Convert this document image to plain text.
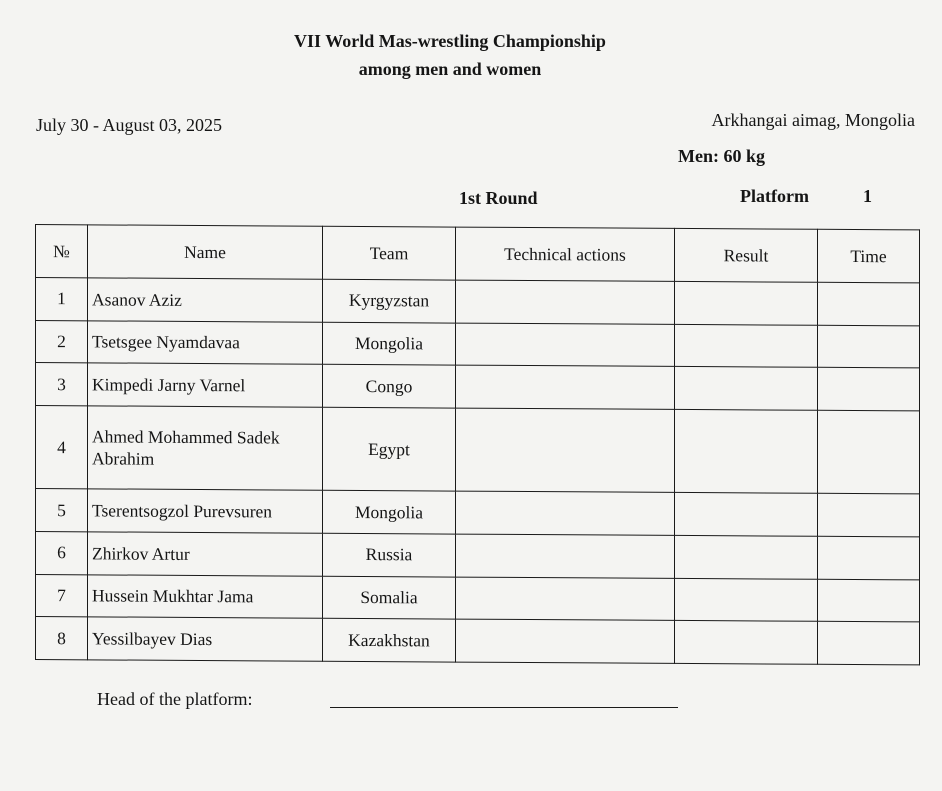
VII World Mas-wrestling Championship
among men and women
July 30 - August 03, 2025	Arkhangai aimag, Mongolia
Men: 60 kg
1st Round	Platform	1
№	Name	Team	Technical actions	Result	Time
1	Asanov Aziz	Kyrgyzstan			
2	Tsetsgee Nyamdavaa	Mongolia			
3	Kimpedi Jarny Varnel	Congo			
4	Ahmed Mohammed Sadek Abrahim	Egypt			
5	Tserentsogzol Purevsuren	Mongolia			
6	Zhirkov Artur	Russia			
7	Hussein Mukhtar Jama	Somalia			
8	Yessilbayev Dias	Kazakhstan			
Head of the platform:
